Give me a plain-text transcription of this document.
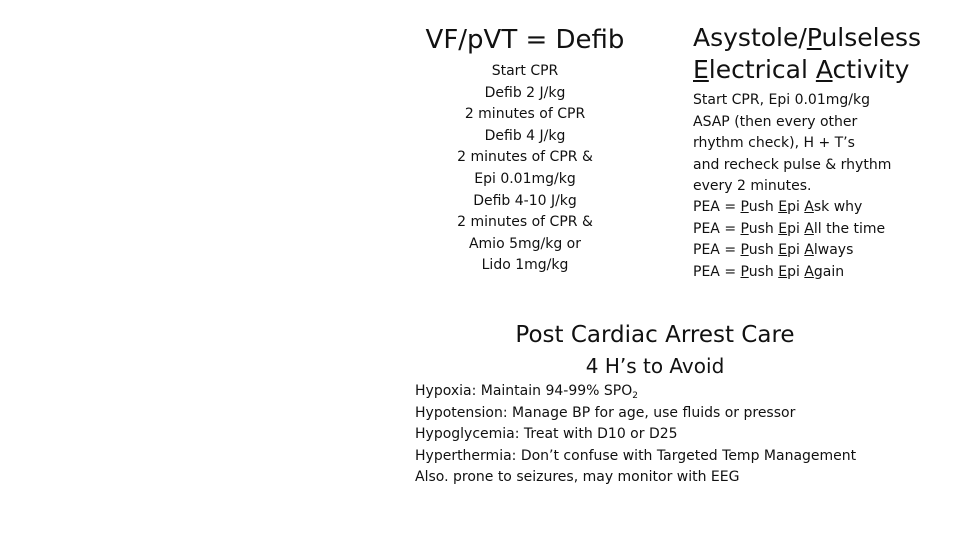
VF/pVT = Defib
Start CPR
Defib 2 J/kg
2 minutes of CPR
Defib 4 J/kg
2 minutes of CPR &
Epi 0.01mg/kg
Defib 4-10 J/kg
2 minutes of CPR &
Amio 5mg/kg or
Lido 1mg/kg
Asystole/Pulseless
Electrical Activity
Start CPR, Epi 0.01mg/kg
ASAP (then every other
rhythm check), H + T’s
and recheck pulse & rhythm
every 2 minutes.
PEA = Push Epi Ask why
PEA = Push Epi All the time
PEA = Push Epi Always
PEA = Push Epi Again
Post Cardiac Arrest Care
4 H’s to Avoid
Hypoxia: Maintain 94-99% $SPO_2$
Hypotension: Manage BP for age, use fluids or pressor
Hypoglycemia: Treat with D10 or D25
Hyperthermia: Don’t confuse with Targeted Temp Management
Also. prone to seizures, may monitor with EEG
